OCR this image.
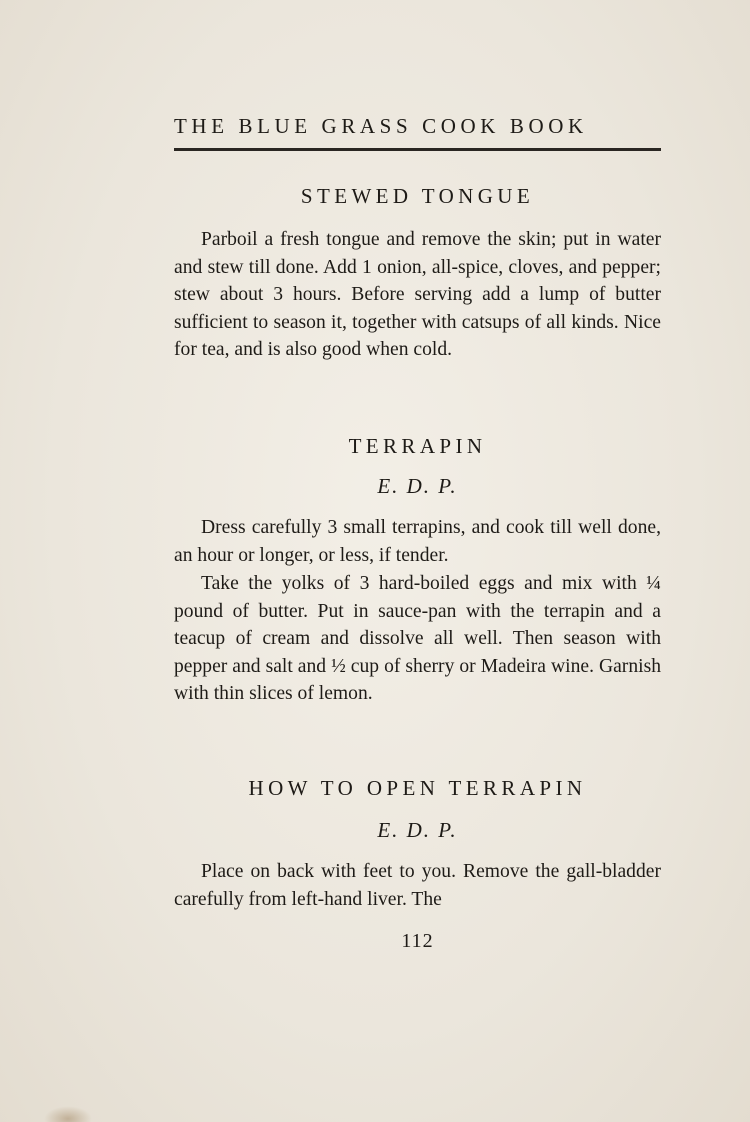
THE BLUE GRASS COOK BOOK
STEWED TONGUE

Parboil a fresh tongue and remove the skin; put in water and stew till done. Add 1 onion, all-spice, cloves, and pepper; stew about 3 hours. Before serving add a lump of butter sufficient to season it, together with catsups of all kinds. Nice for tea, and is also good when cold.

TERRAPIN
E. D. P.

Dress carefully 3 small terrapins, and cook till well done, an hour or longer, or less, if tender.

Take the yolks of 3 hard-boiled eggs and mix with ¼ pound of butter. Put in sauce-pan with the terrapin and a teacup of cream and dissolve all well. Then season with pepper and salt and ½ cup of sherry or Madeira wine. Garnish with thin slices of lemon.

HOW TO OPEN TERRAPIN
E. D. P.

Place on back with feet to you. Remove the gall-bladder carefully from left-hand liver. The

112
